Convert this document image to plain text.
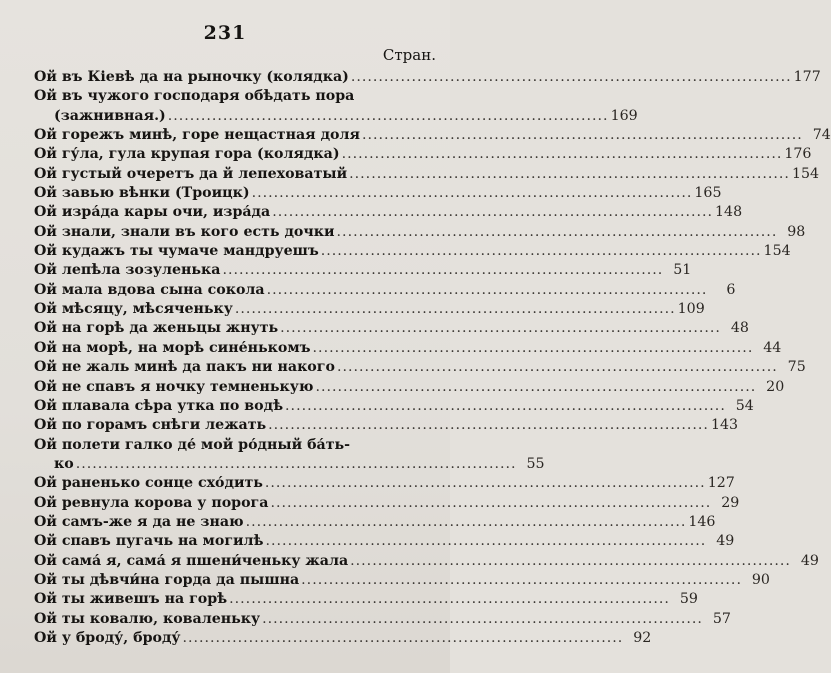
231
Стран.
Ой въ Кіевѣ да на рыночку (колядка) ................................................................................ 177
Ой въ чужого господаря обѣдать пора
(зажнивная.) ................................................................................ 169
Ой горежъ минѣ, горе нещастная доля ................................................................................ 74
Ой гу́ла, гула крупая гора (колядка) ................................................................................ 176
Ой густый очеретъ да й лепеховатый ................................................................................ 154
Ой завью вѣнки (Троицк) ................................................................................ 165
Ой изра́да кары очи, изра́да ................................................................................ 148
Ой знали, знали въ кого есть дочки ................................................................................ 98
Ой кудажъ ты чумаче мандруешъ ................................................................................ 154
Ой лепѣла зозуленька ................................................................................ 51
Ой мала вдова сына сокола ................................................................................	6
Ой мѣсяцу, мѣсяченьку ................................................................................ 109
Ой на горѣ да женьцы жнуть ................................................................................ 48
Ой на морѣ, на морѣ сине́нькомъ ................................................................................ 44
Ой не жаль минѣ да пакъ ни накого ................................................................................ 75
Ой не спавъ я ночку темненькую ................................................................................ 20
Ой плавала сѣра утка по водѣ ................................................................................ 54
Ой по горамъ снѣги лежать ................................................................................ 143
Ой полети галко де́ мой ро́дный ба́ть-
ко ................................................................................ 55
Ой раненько сонце схо́дить ................................................................................ 127
Ой ревнула корова у порога ................................................................................ 29
Ой самъ-же я да не знаю ................................................................................ 146
Ой спавъ пугачь на могилѣ ................................................................................ 49
Ой сама́ я, сама́ я пшени́ченьку жала ................................................................................ 49
Ой ты дѣвчи́на горда да пышна ................................................................................ 90
Ой ты живешъ на горѣ ................................................................................ 59
Ой ты ковалю, коваленьку ................................................................................ 57
Ой у броду́, броду́ ................................................................................ 92
